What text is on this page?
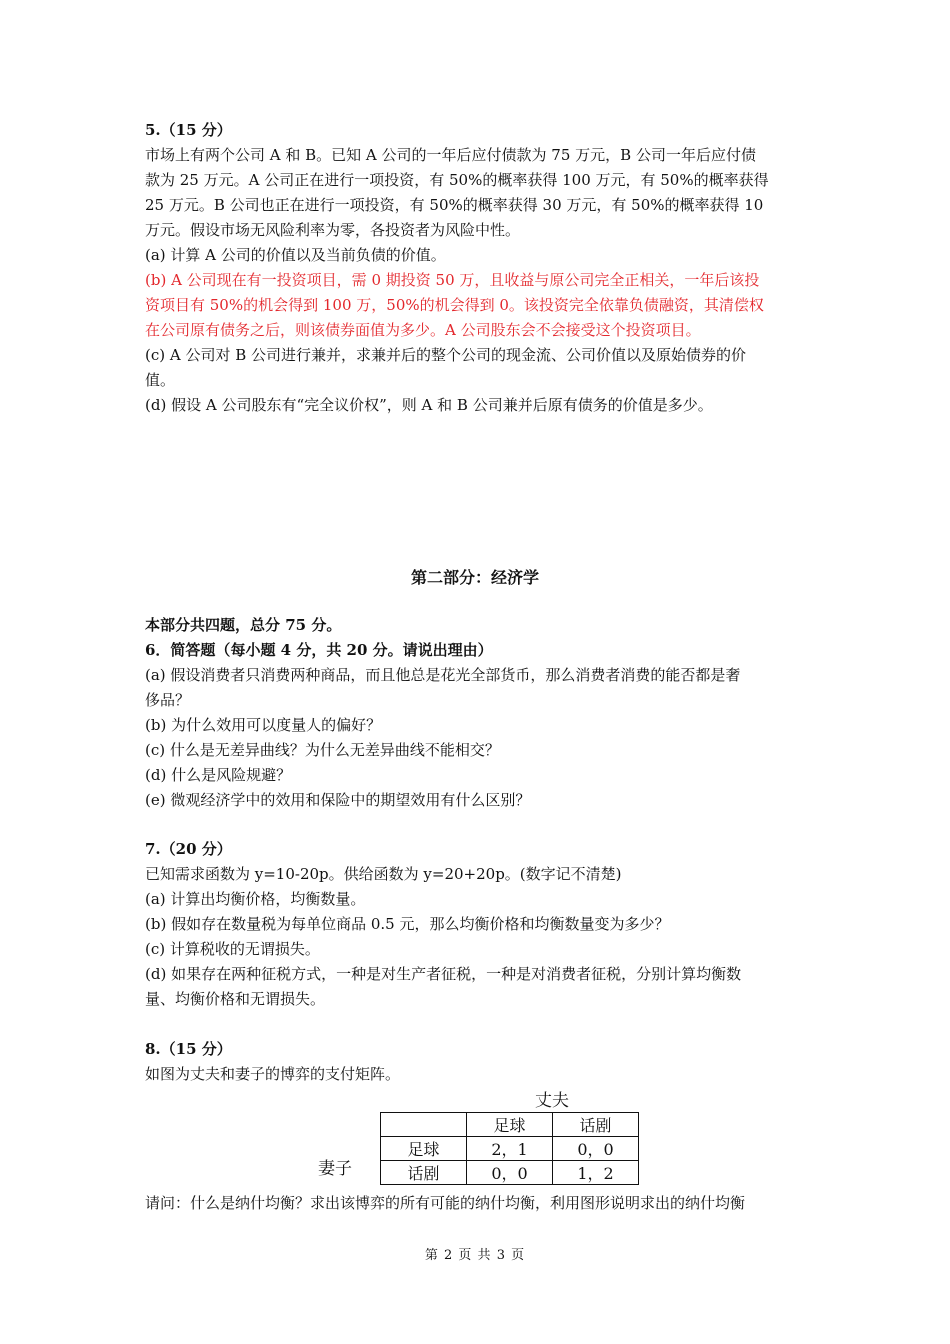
5.（15 分）
市场上有两个公司 A 和 B。已知 A 公司的一年后应付债款为 75 万元，B 公司一年后应付债
款为 25 万元。A 公司正在进行一项投资，有 50%的概率获得 100 万元，有 50%的概率获得
25 万元。B 公司也正在进行一项投资，有 50%的概率获得 30 万元，有 50%的概率获得 10
万元。假设市场无风险利率为零，各投资者为风险中性。
(a) 计算 A 公司的价值以及当前负债的价值。
(b) A 公司现在有一投资项目，需 0 期投资 50 万，且收益与原公司完全正相关，一年后该投
资项目有 50%的机会得到 100 万，50%的机会得到 0。该投资完全依靠负债融资，其清偿权
在公司原有债务之后，则该债券面值为多少。A 公司股东会不会接受这个投资项目。
(c) A 公司对 B 公司进行兼并，求兼并后的整个公司的现金流、公司价值以及原始债券的价
值。
(d) 假设 A 公司股东有“完全议价权”，则 A 和 B 公司兼并后原有债务的价值是多少。
第二部分：经济学
本部分共四题，总分 75 分。
6．简答题（每小题 4 分，共 20 分。请说出理由）
(a) 假设消费者只消费两种商品，而且他总是花光全部货币，那么消费者消费的能否都是奢
侈品？
(b) 为什么效用可以度量人的偏好？
(c) 什么是无差异曲线？为什么无差异曲线不能相交？
(d) 什么是风险规避？
(e) 微观经济学中的效用和保险中的期望效用有什么区别？
7.（20 分）
已知需求函数为 y=10-20p。供给函数为 y=20+20p。(数字记不清楚)
(a) 计算出均衡价格，均衡数量。
(b) 假如存在数量税为每单位商品 0.5 元，那么均衡价格和均衡数量变为多少？
(c) 计算税收的无谓损失。
(d) 如果存在两种征税方式，一种是对生产者征税，一种是对消费者征税，分别计算均衡数
量、均衡价格和无谓损失。
8.（15 分）
如图为丈夫和妻子的博弈的支付矩阵。
丈夫
妻子
	足球	话剧
足球	2，1	0，0
话剧	0，0	1，2
请问：什么是纳什均衡？求出该博弈的所有可能的纳什均衡，利用图形说明求出的纳什均衡
第 2 页 共 3 页
